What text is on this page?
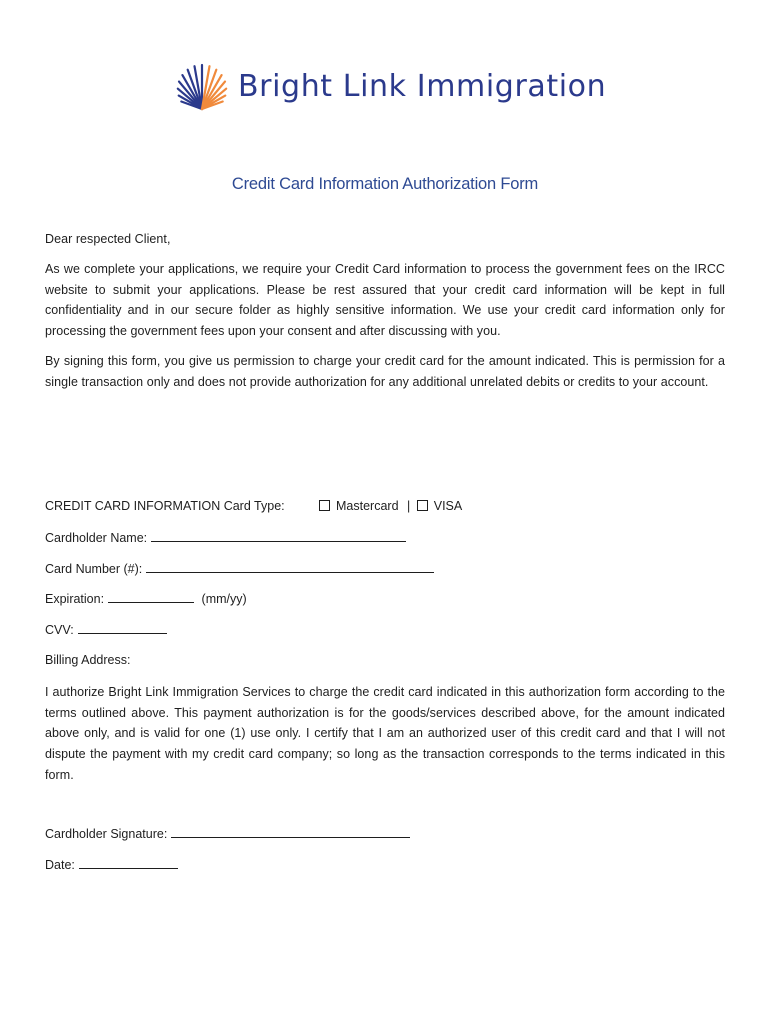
Bright Link Immigration
Credit Card Information Authorization Form

Dear respected Client,

As we complete your applications, we require your Credit Card information to process the government fees on the IRCC website to submit your applications. Please be rest assured that your credit card information will be kept in full confidentiality and in our secure folder as highly sensitive information. We use your credit card information only for processing the government fees upon your consent and after discussing with you.

By signing this form, you give us permission to charge your credit card for the amount indicated. This is permission for a single transaction only and does not provide authorization for any additional unrelated debits or credits to your account.

CREDIT CARD INFORMATION Card Type:	Mastercard | VISA
Cardholder Name:
Card Number (#):
Expiration:	(mm/yy)
CVV:
Billing Address:

I authorize Bright Link Immigration Services to charge the credit card indicated in this authorization form according to the terms outlined above. This payment authorization is for the goods/services described above, for the amount indicated above only, and is valid for one (1) use only. I certify that I am an authorized user of this credit card and that I will not dispute the payment with my credit card company; so long as the transaction corresponds to the terms indicated in this form.

Cardholder Signature:
Date:
